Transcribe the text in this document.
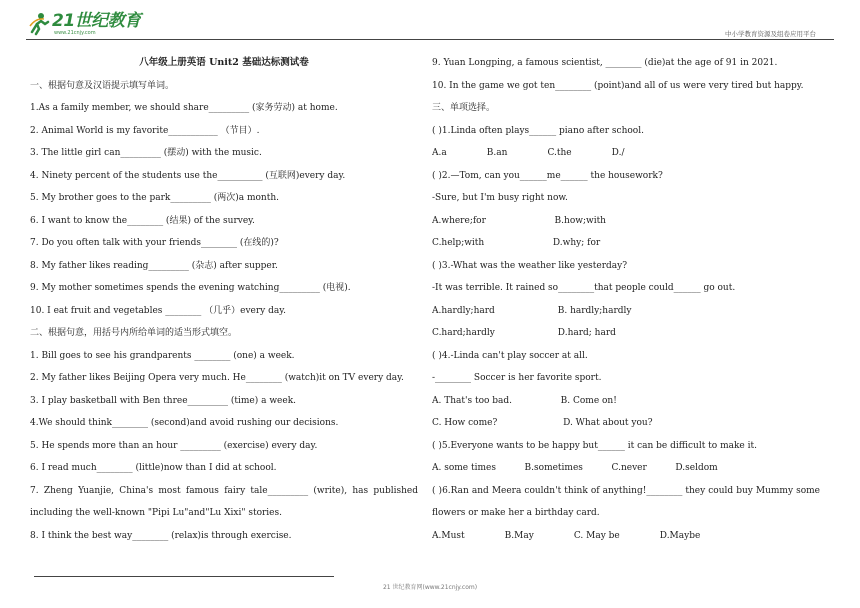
21世纪教育
www.21cnjy.com	中小学教育资源及组卷应用平台
八年级上册英语 Unit2 基础达标测试卷
一、根据句意及汉语提示填写单词。
1.As a family member, we should share_________ (家务劳动) at home.
2. Animal World is my favorite___________ （节目）.
3. The little girl can_________ (摆动) with the music.
4. Ninety percent of the students use the__________ (互联网)every day.
5. My brother goes to the park_________ (两次)a month.
6. I want to know the________ (结果) of the survey.
7. Do you often talk with your friends________ (在线的)?
8. My father likes reading_________ (杂志) after supper.
9. My mother sometimes spends the evening watching_________ (电视).
10. I eat fruit and vegetables ________ （几乎）every day.
二、根据句意，用括号内所给单词的适当形式填空。
1. Bill goes to see his grandparents ________ (one) a week.
2. My father likes Beijing Opera very much. He________ (watch)it on TV every day.
3. I play basketball with Ben three_________ (time) a week.
4.We should think________ (second)and avoid rushing our decisions.
5. He spends more than an hour _________ (exercise) every day.
6. I read much________ (little)now than I did at school.
7. Zheng Yuanjie, China's most famous fairy tale_________ (write), has published
including the well-known "Pipi Lu"and"Lu Xixi" stories.
8. I think the best way________ (relax)is through exercise.
9. Yuan Longping, a famous scientist, ________ (die)at the age of 91 in 2021.
10. In the game we got ten________ (point)and all of us were very tired but happy.
三、单项选择。
( )1.Linda often plays______ piano after school.
A.a              B.an              C.the              D./
( )2.—Tom, can you______me______ the housework?
-Sure, but I'm busy right now.
A.where;for                        B.how;with
C.help;with                        D.why; for
( )3.-What was the weather like yesterday?
-It was terrible. It rained so________that people could______ go out.
A.hardly;hard                      B. hardly;hardly
C.hard;hardly                      D.hard; hard
( )4.-Linda can't play soccer at all.
-________ Soccer is her favorite sport.
A. That's too bad.                 B. Come on!
C. How come?                       D. What about you?
( )5.Everyone wants to be happy but______ it can be difficult to make it.
A. some times          B.sometimes          C.never          D.seldom
( )6.Ran and Meera couldn't think of anything!________ they could buy Mummy some
flowers or make her a birthday card.
A.Must              B.May              C. May be              D.Maybe
21 世纪教育网(www.21cnjy.com)
